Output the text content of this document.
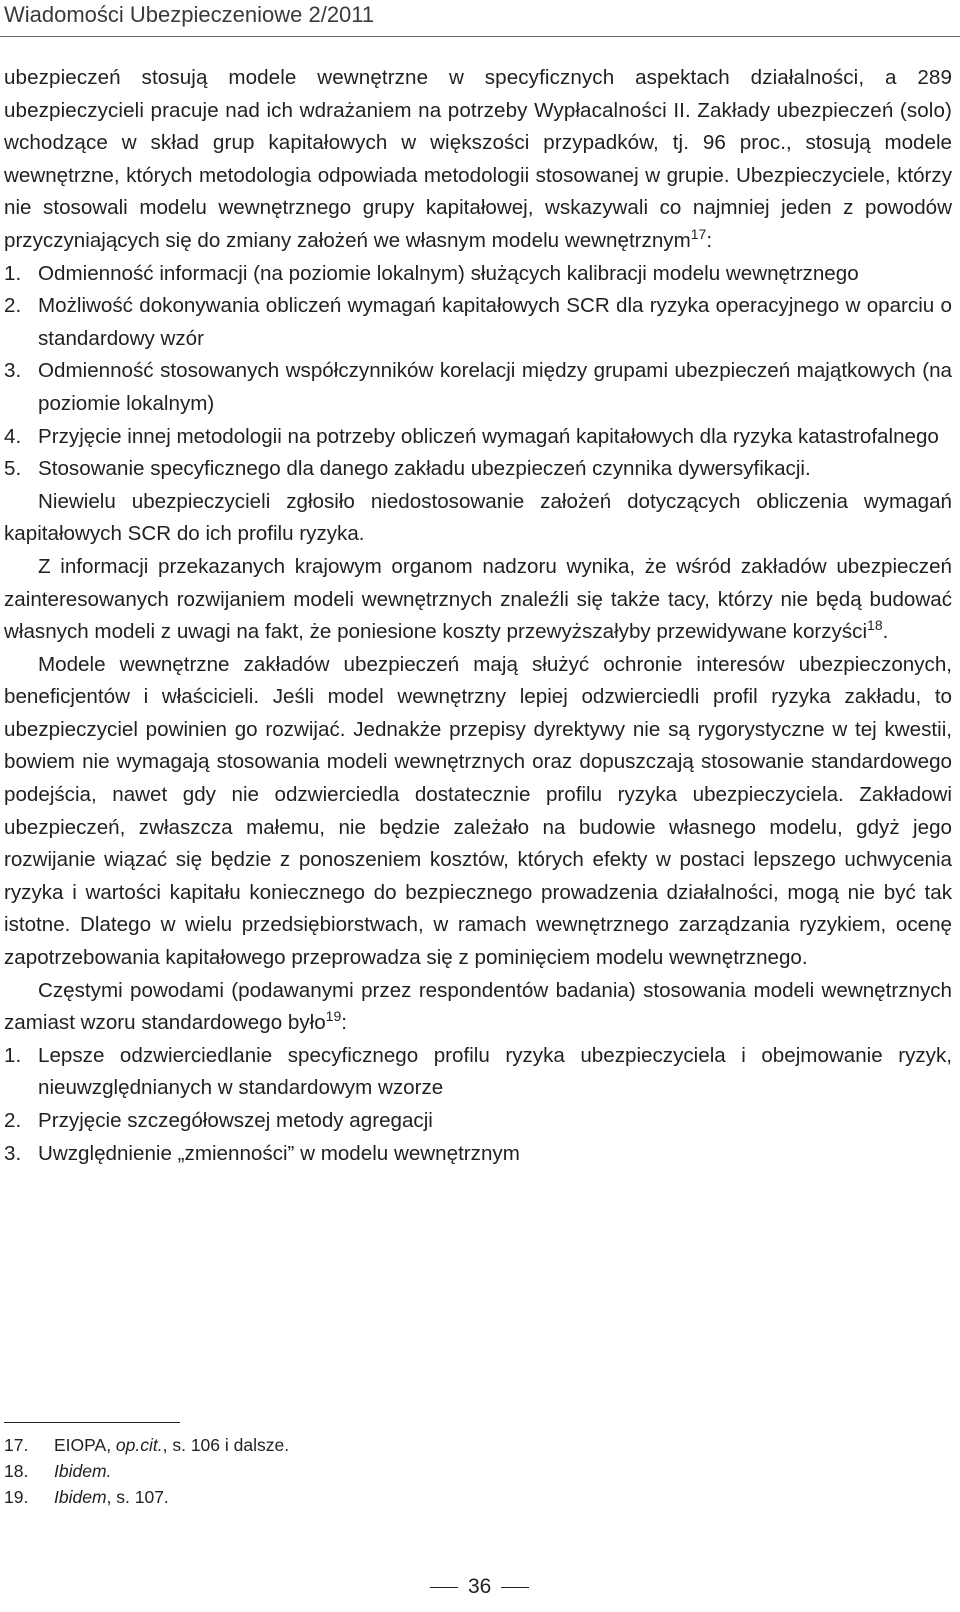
Wiadomości Ubezpieczeniowe 2/2011

ubezpieczeń stosują modele wewnętrzne w specyficznych aspektach działalności, a 289 ubezpieczycieli pracuje nad ich wdrażaniem na potrzeby Wypłacalności II. Zakłady ubezpieczeń (solo) wchodzące w skład grup kapitałowych w większości przypadków, tj. 96 proc., stosują modele wewnętrzne, których metodologia odpowiada metodologii stosowanej w grupie. Ubezpieczyciele, którzy nie stosowali modelu wewnętrznego grupy kapitałowej, wskazywali co najmniej jeden z powodów przyczyniających się do zmiany założeń we własnym modelu wewnętrznym$^{17}$:

1. Odmienność informacji (na poziomie lokalnym) służących kalibracji modelu wewnętrznego
2. Możliwość dokonywania obliczeń wymagań kapitałowych SCR dla ryzyka operacyjnego w oparciu o standardowy wzór
3. Odmienność stosowanych współczynników korelacji między grupami ubezpieczeń majątkowych (na poziomie lokalnym)
4. Przyjęcie innej metodologii na potrzeby obliczeń wymagań kapitałowych dla ryzyka katastrofalnego
5. Stosowanie specyficznego dla danego zakładu ubezpieczeń czynnika dywersyfikacji.

Niewielu ubezpieczycieli zgłosiło niedostosowanie założeń dotyczących obliczenia wymagań kapitałowych SCR do ich profilu ryzyka.

Z informacji przekazanych krajowym organom nadzoru wynika, że wśród zakładów ubezpieczeń zainteresowanych rozwijaniem modeli wewnętrznych znaleźli się także tacy, którzy nie będą budować własnych modeli z uwagi na fakt, że poniesione koszty przewyższałyby przewidywane korzyści$^{18}$.

Modele wewnętrzne zakładów ubezpieczeń mają służyć ochronie interesów ubezpieczonych, beneficjentów i właścicieli. Jeśli model wewnętrzny lepiej odzwierciedli profil ryzyka zakładu, to ubezpieczyciel powinien go rozwijać. Jednakże przepisy dyrektywy nie są rygorystyczne w tej kwestii, bowiem nie wymagają stosowania modeli wewnętrznych oraz dopuszczają stosowanie standardowego podejścia, nawet gdy nie odzwierciedla dostatecznie profilu ryzyka ubezpieczyciela. Zakładowi ubezpieczeń, zwłaszcza małemu, nie będzie zależało na budowie własnego modelu, gdyż jego rozwijanie wiązać się będzie z ponoszeniem kosztów, których efekty w postaci lepszego uchwycenia ryzyka i wartości kapitału koniecznego do bezpiecznego prowadzenia działalności, mogą nie być tak istotne. Dlatego w wielu przedsiębiorstwach, w ramach wewnętrznego zarządzania ryzykiem, ocenę zapotrzebowania kapitałowego przeprowadza się z pominięciem modelu wewnętrznego.

Częstymi powodami (podawanymi przez respondentów badania) stosowania modeli wewnętrznych zamiast wzoru standardowego było$^{19}$:

1. Lepsze odzwierciedlanie specyficznego profilu ryzyka ubezpieczyciela i obejmowanie ryzyk, nieuwzględnianych w standardowym wzorze
2. Przyjęcie szczegółowszej metody agregacji
3. Uwzględnienie „zmienności” w modelu wewnętrznym
17.	EIOPA, op.cit., s. 106 i dalsze.
18.	Ibidem.
19.	Ibidem, s. 107.
36
